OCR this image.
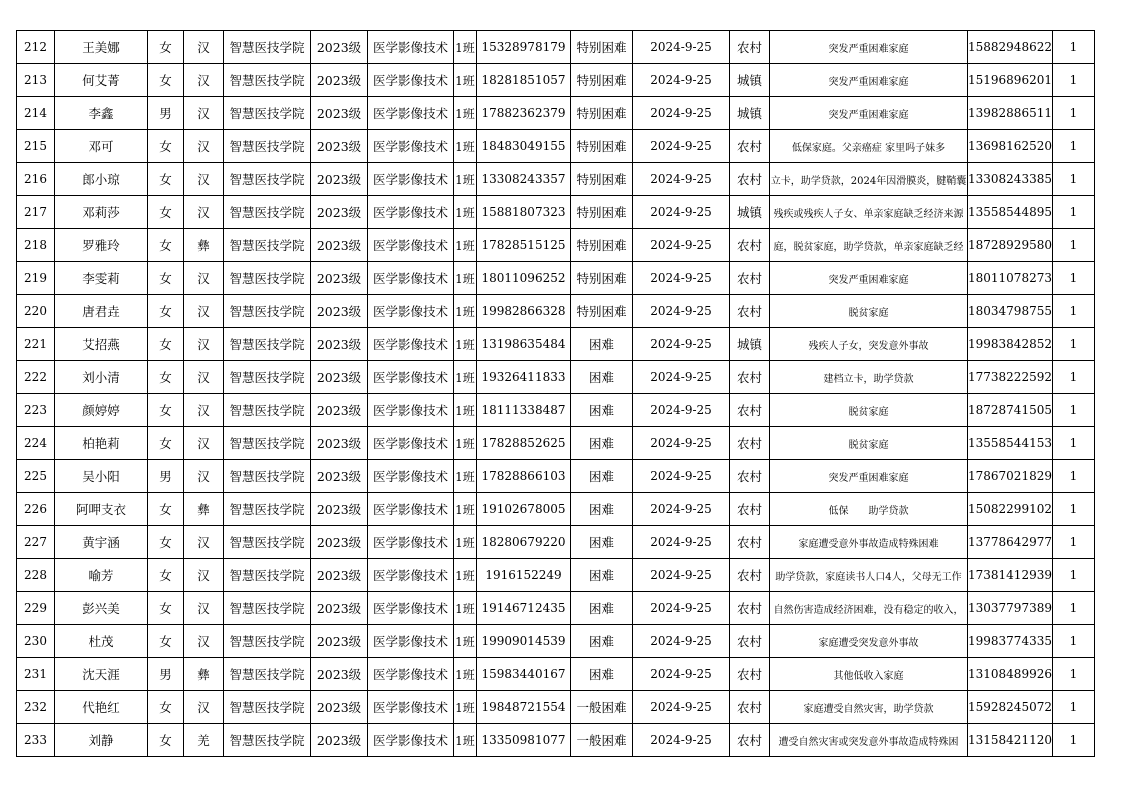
212	王美娜	女	汉	智慧医技学院	2023级	医学影像技术	1班	15328978179	特别困难	2024-9-25	农村	突发严重困难家庭	15882948622	1
213	何艾菁	女	汉	智慧医技学院	2023级	医学影像技术	1班	18281851057	特别困难	2024-9-25	城镇	突发严重困难家庭	15196896201	1
214	李鑫	男	汉	智慧医技学院	2023级	医学影像技术	1班	17882362379	特别困难	2024-9-25	城镇	突发严重困难家庭	13982886511	1
215	邓可	女	汉	智慧医技学院	2023级	医学影像技术	1班	18483049155	特别困难	2024-9-25	农村	低保家庭。父亲癌症 家里吗子妹多	13698162520	1
216	郎小琼	女	汉	智慧医技学院	2023级	医学影像技术	1班	13308243357	特别困难	2024-9-25	农村	立卡，助学贷款，2024年因滑膜炎，腱鞘囊	13308243385	1
217	邓莉莎	女	汉	智慧医技学院	2023级	医学影像技术	1班	15881807323	特别困难	2024-9-25	城镇	残疾或残疾人子女、单亲家庭缺乏经济来源	13558544895	1
218	罗雅玲	女	彝	智慧医技学院	2023级	医学影像技术	1班	17828515125	特别困难	2024-9-25	农村	庭，脱贫家庭，助学贷款，单亲家庭缺乏经	18728929580	1
219	李雯莉	女	汉	智慧医技学院	2023级	医学影像技术	1班	18011096252	特别困难	2024-9-25	农村	突发严重困难家庭	18011078273	1
220	唐君垚	女	汉	智慧医技学院	2023级	医学影像技术	1班	19982866328	特别困难	2024-9-25	农村	脱贫家庭	18034798755	1
221	艾招燕	女	汉	智慧医技学院	2023级	医学影像技术	1班	13198635484	困难	2024-9-25	城镇	残疾人子女，突发意外事故	19983842852	1
222	刘小清	女	汉	智慧医技学院	2023级	医学影像技术	1班	19326411833	困难	2024-9-25	农村	建档立卡，助学贷款	17738222592	1
223	颜婷婷	女	汉	智慧医技学院	2023级	医学影像技术	1班	18111338487	困难	2024-9-25	农村	脱贫家庭	18728741505	1
224	柏艳莉	女	汉	智慧医技学院	2023级	医学影像技术	1班	17828852625	困难	2024-9-25	农村	脱贫家庭	13558544153	1
225	吴小阳	男	汉	智慧医技学院	2023级	医学影像技术	1班	17828866103	困难	2024-9-25	农村	突发严重困难家庭	17867021829	1
226	阿呷支衣	女	彝	智慧医技学院	2023级	医学影像技术	1班	19102678005	困难	2024-9-25	农村	低保　　助学贷款	15082299102	1
227	黄宇涵	女	汉	智慧医技学院	2023级	医学影像技术	1班	18280679220	困难	2024-9-25	农村	家庭遭受意外事故造成特殊困难	13778642977	1
228	喻芳	女	汉	智慧医技学院	2023级	医学影像技术	1班	1916152249	困难	2024-9-25	农村	助学贷款，家庭读书人口4人，父母无工作	17381412939	1
229	彭兴美	女	汉	智慧医技学院	2023级	医学影像技术	1班	19146712435	困难	2024-9-25	农村	自然伤害造成经济困难，没有稳定的收入，	13037797389	1
230	杜茂	女	汉	智慧医技学院	2023级	医学影像技术	1班	19909014539	困难	2024-9-25	农村	家庭遭受突发意外事故	19983774335	1
231	沈天涯	男	彝	智慧医技学院	2023级	医学影像技术	1班	15983440167	困难	2024-9-25	农村	其他低收入家庭	13108489926	1
232	代艳红	女	汉	智慧医技学院	2023级	医学影像技术	1班	19848721554	一般困难	2024-9-25	农村	家庭遭受自然灾害，助学贷款	15928245072	1
233	刘静	女	羌	智慧医技学院	2023级	医学影像技术	1班	13350981077	一般困难	2024-9-25	农村	遭受自然灾害或突发意外事故造成特殊困	13158421120	1
